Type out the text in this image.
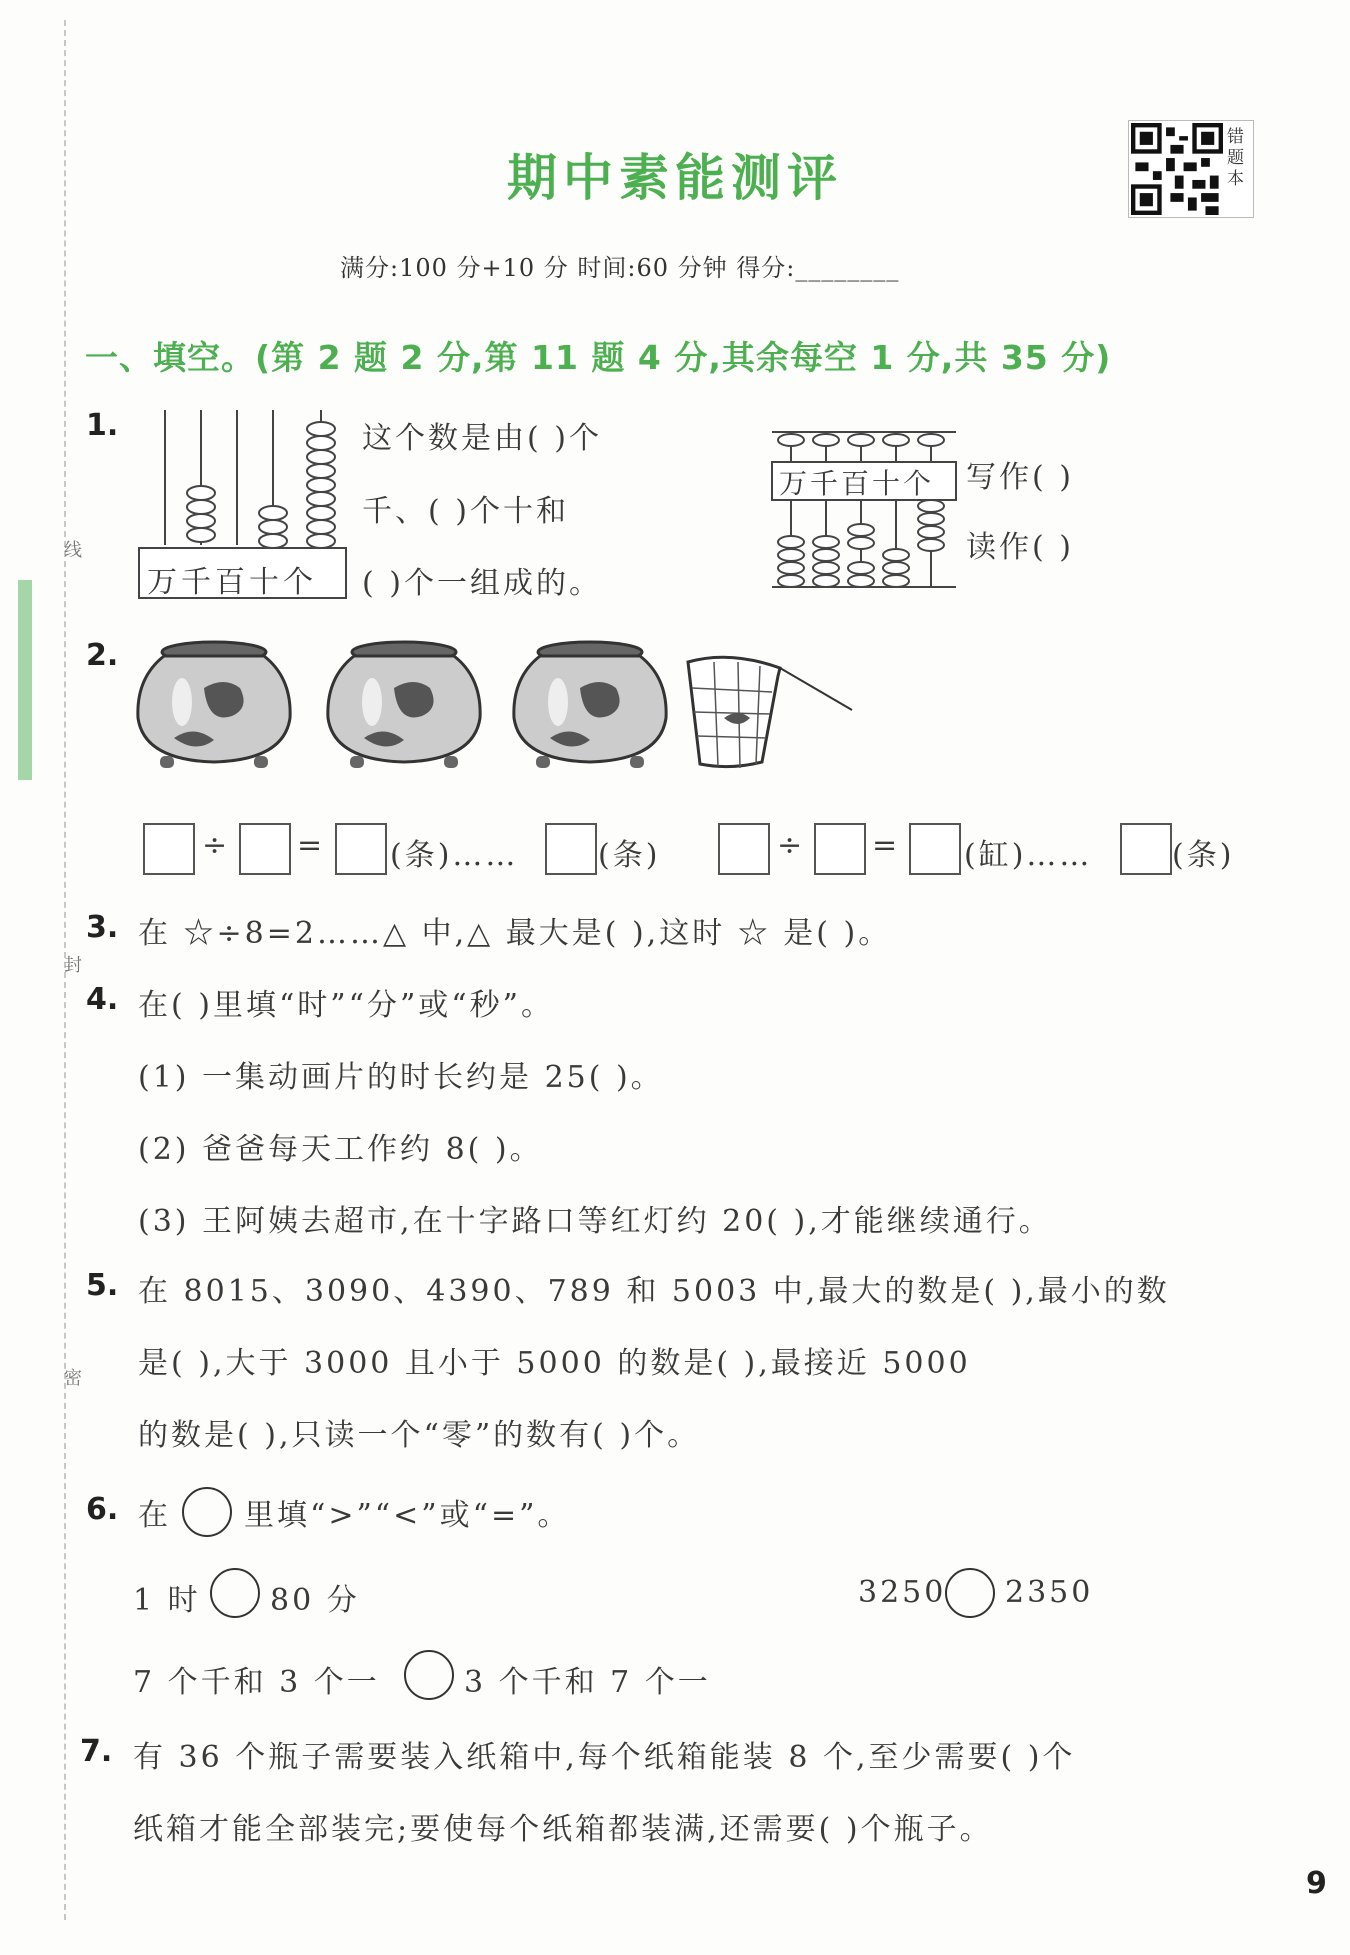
线
封
密
期中素能测评
错题本
满分:100 分+10 分 时间:60 分钟 得分:________
一、填空。(第 2 题 2 分,第 11 题 4 分,其余每空 1 分,共 35 分)
1.
万千百十个
这个数是由( )个
千、( )个十和
( )个一组成的。
万千百十个 写作( )
读作( )
2.
÷ = (条)……	(条)	÷ = (缸)……	(条)
3. 在 ☆÷8=2……△ 中,△ 最大是( ),这时 ☆ 是( )。
4. 在( )里填“时”“分”或“秒”。
(1) 一集动画片的时长约是 25( )。
(2) 爸爸每天工作约 8( )。
(3) 王阿姨去超市,在十字路口等红灯约 20( ),才能继续通行。
5. 在 8015、3090、4390、789 和 5003 中,最大的数是( ),最小的数
是( ),大于 3000 且小于 5000 的数是( ),最接近 5000
的数是( ),只读一个“零”的数有( )个。
6. 在 里填“>”“<”或“=”。
1 时 80 分	3250 2350
7 个千和 3 个一	3 个千和 7 个一
7. 有 36 个瓶子需要装入纸箱中,每个纸箱能装 8 个,至少需要( )个
纸箱才能全部装完;要使每个纸箱都装满,还需要( )个瓶子。
9
